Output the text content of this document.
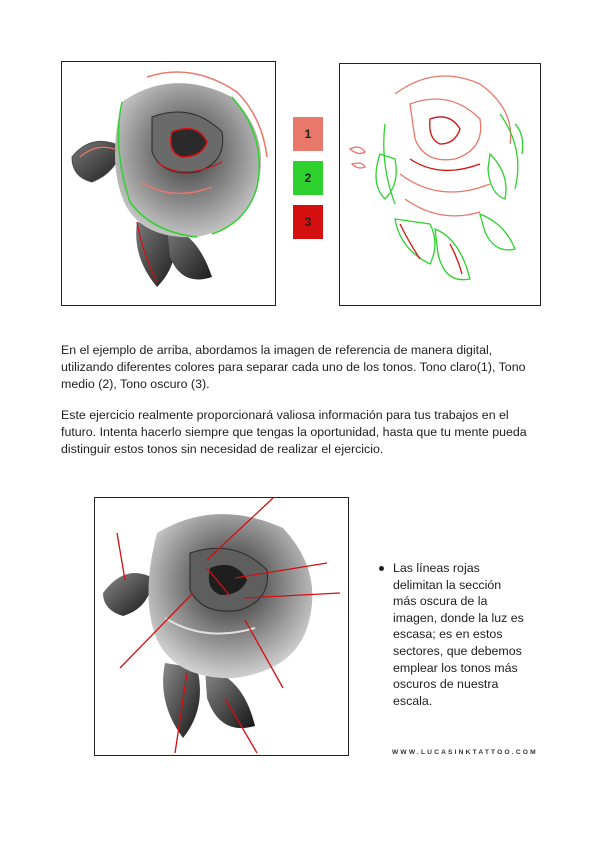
1
2
3

En el ejemplo de arriba, abordamos la imagen de referencia de manera digital, utilizando diferentes colores para separar cada uno de los tonos. Tono claro(1), Tono medio (2), Tono oscuro (3).

Este ejercicio realmente proporcionará valiosa información para tus trabajos en el futuro. Intenta hacerlo siempre que tengas la oportunidad, hasta que tu mente pueda distinguir estos tonos sin necesidad de realizar el ejercicio.

Las líneas rojas delimitan la sección más oscura de la imagen, donde la luz es escasa; es en estos sectores, que debemos emplear los tonos más oscuros de nuestra escala.
WWW.LUCASINKTATTOO.COM
